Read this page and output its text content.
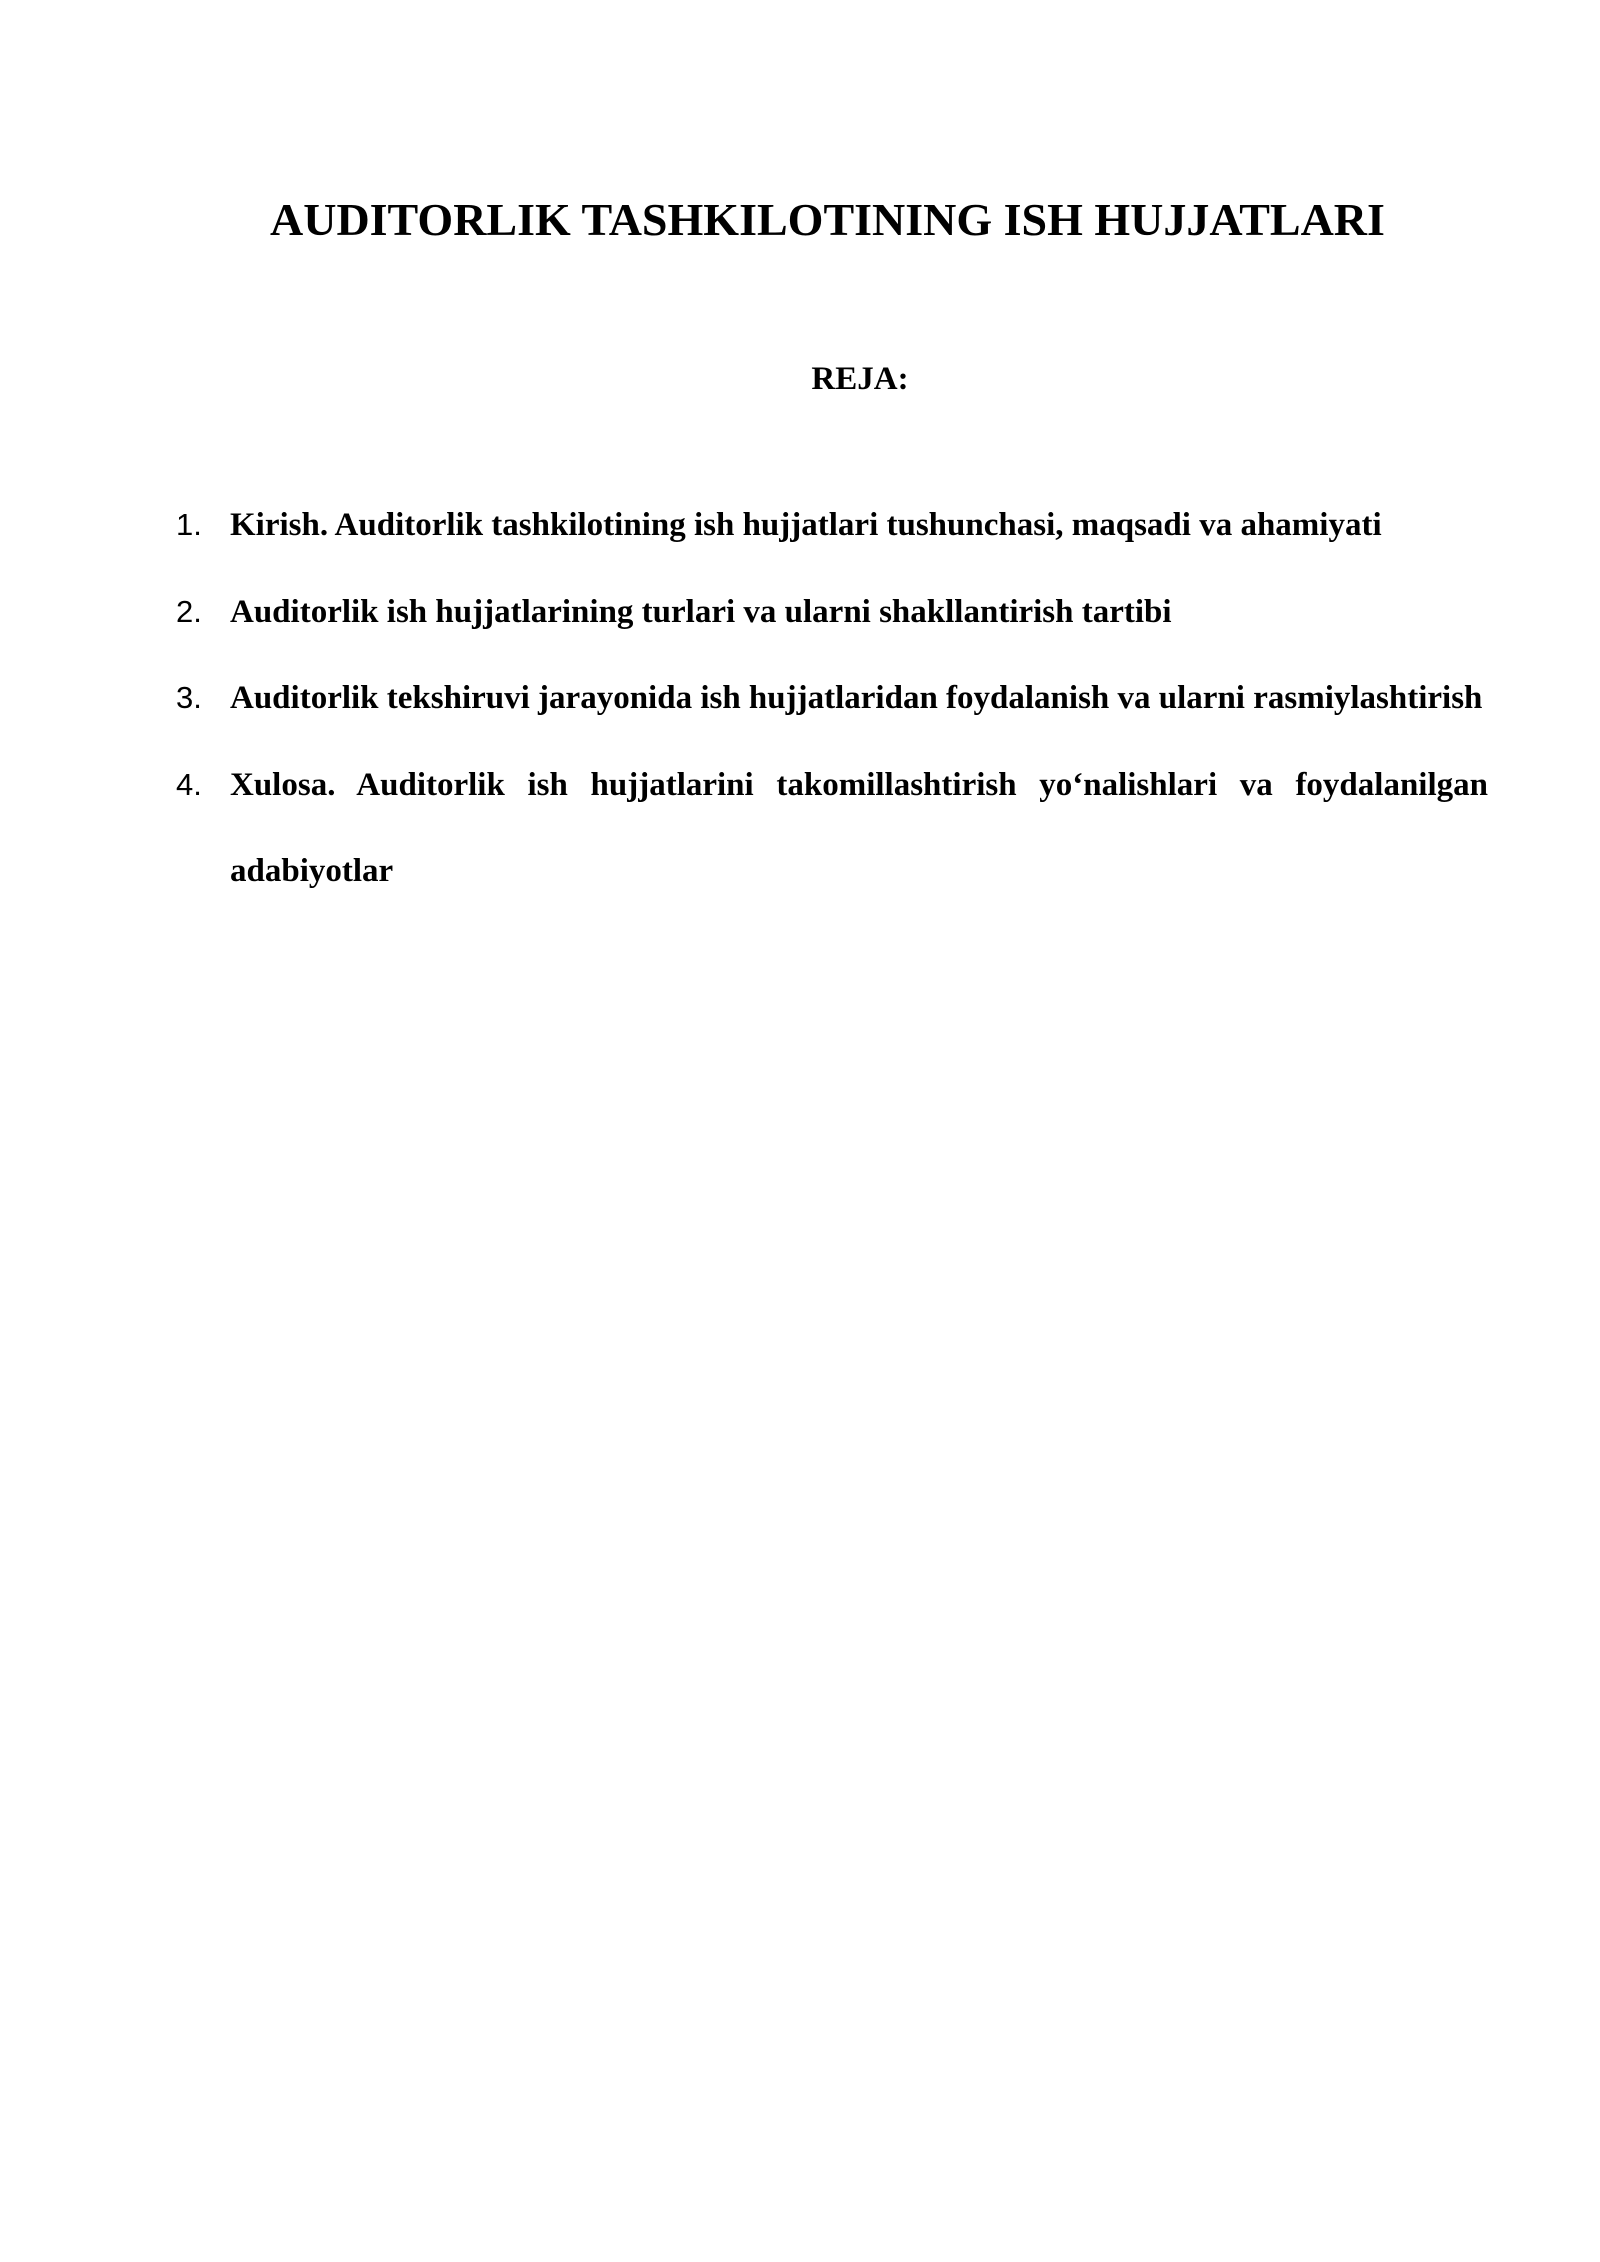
AUDITORLIK TASHKILOTINING ISH HUJJATLARI
REJA:
1. Kirish. Auditorlik tashkilotining ish hujjatlari tushunchasi, maqsadi va ahamiyati
2. Auditorlik ish hujjatlarining turlari va ularni shakllantirish tartibi
3. Auditorlik tekshiruvi jarayonida ish hujjatlaridan foydalanish va ularni rasmiylashtirish
4. Xulosa. Auditorlik ish hujjatlarini takomillashtirish yo‘nalishlari va foydalanilgan adabiyotlar
